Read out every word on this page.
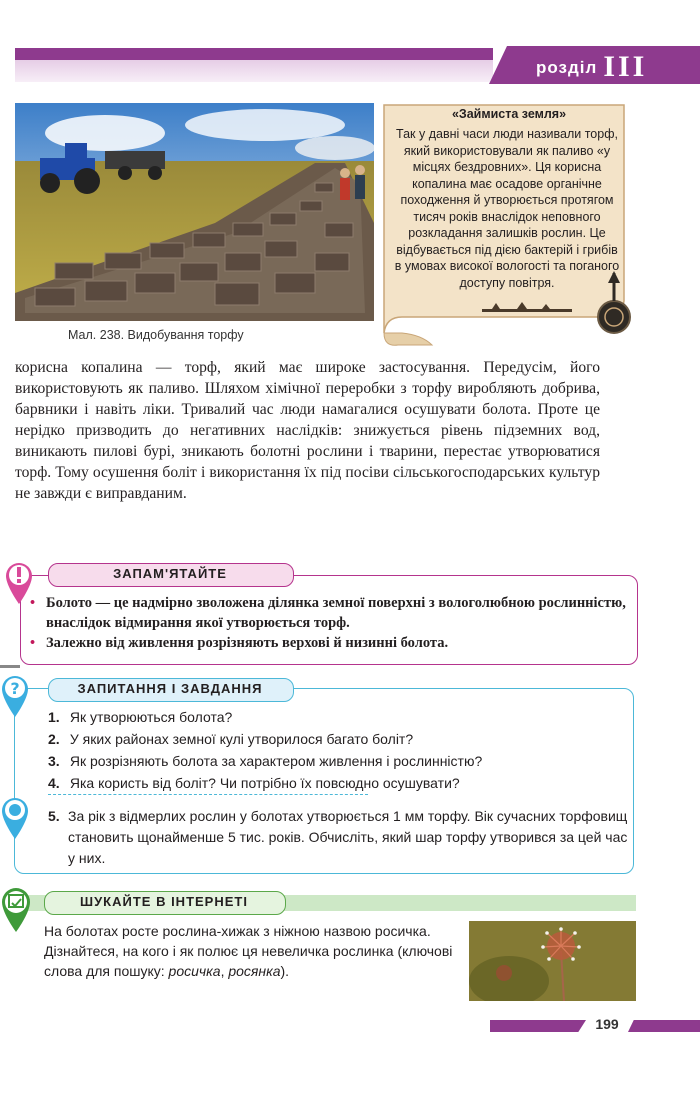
розділ III
Мал. 238. Видобування торфу
«Займиста земля»
Так у давні часи люди називали торф, який використовували як паливо «у місцях бездровних». Ця корисна копалина має осадове органічне походження й утворюється протягом тисяч років внаслідок неповного розкладання залишків рослин. Це відбувається під дією бактерій і грибів в умовах високої вологості та поганого доступу повітря.
корисна копалина — торф, який має широке застосування. Передусім, його використовують як паливо. Шляхом хімічної переробки з торфу виробляють добрива, барвники і навіть ліки. Тривалий час люди намагалися осушувати болота. Проте це нерідко призводить до негативних наслідків: знижується рівень підземних вод, виникають пилові бурі, зникають болотні рослини і тварини, перестає утворюватися торф. Тому осушення боліт і використання їх під посіви сільськогосподарських культур не завжди є виправданим.
ЗАПАМ'ЯТАЙТЕ
• Болото — це надмірно зволожена ділянка земної поверхні з вологолюбною рослинністю, внаслідок відмирання якої утворюється торф.
• Залежно від живлення розрізняють верхові й низинні болота.
?	ЗАПИТАННЯ І ЗАВДАННЯ
1. Як утворюються болота?
2. У яких районах земної кулі утворилося багато боліт?
3. Як розрізняють болота за характером живлення і рослинністю?
4. Яка користь від боліт? Чи потрібно їх повсюдно осушувати?
5. За рік з відмерлих рослин у болотах утворюється 1 мм торфу. Вік сучасних торфовищ становить щонайменше 5 тис. років. Обчисліть, який шар торфу утворився за цей час у них.
ШУКАЙТЕ В ІНТЕРНЕТІ
На болотах росте рослина-хижак з ніжною назвою росичка. Дізнайтеся, на кого і як полює ця невеличка рослинка (ключові слова для пошуку: росичка, росянка).
199
